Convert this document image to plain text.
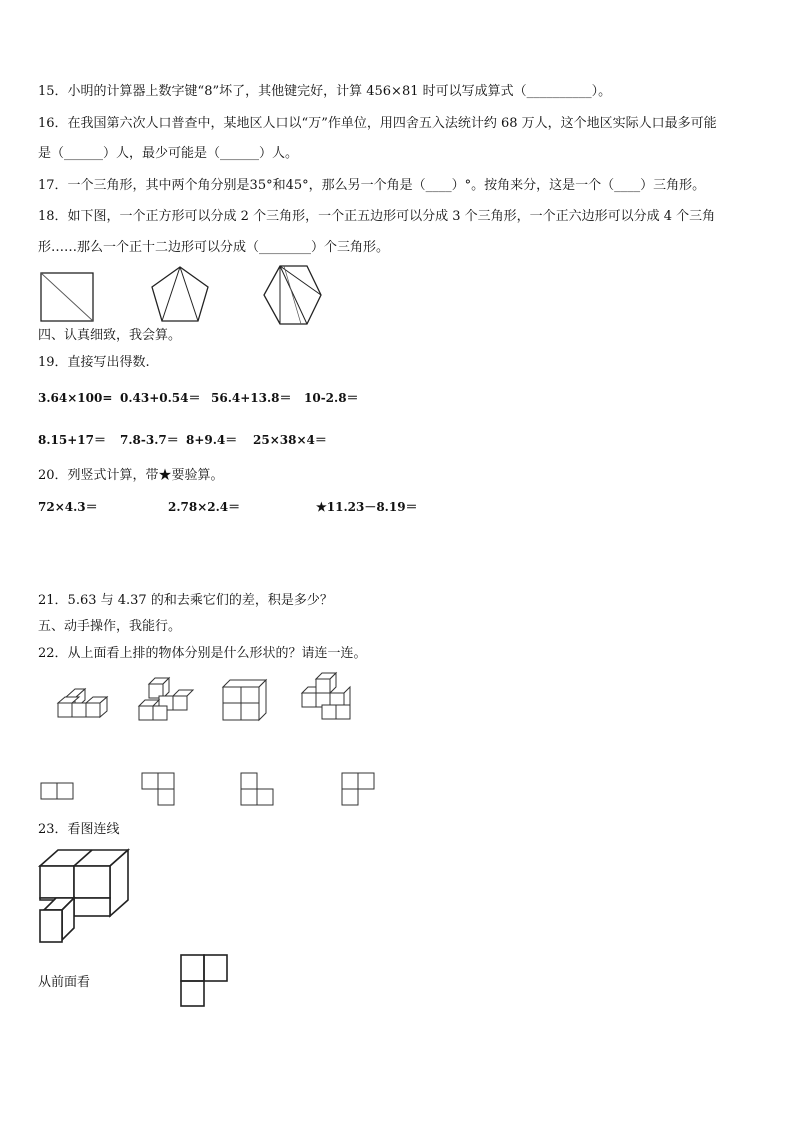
15．小明的计算器上数字键“8”坏了，其他键完好，计算 456×81 时可以写成算式（__________）。
16．在我国第六次人口普查中，某地区人口以“万”作单位，用四舍五入法统计约 68 万人，这个地区实际人口最多可能
是（______）人，最少可能是（______）人。
17．一个三角形，其中两个角分别是35°和45°，那么另一个角是（____）°。按角来分，这是一个（____）三角形。
18．如下图，一个正方形可以分成 2 个三角形，一个正五边形可以分成 3 个三角形，一个正六边形可以分成 4 个三角
形……那么一个正十二边形可以分成（________）个三角形。
四、认真细致，我会算。
19．直接写出得数.
3.64×100= 0.43+0.54＝ 56.4+13.8＝ 10-2.8＝
8.15+17＝ 7.8-3.7＝ 8+9.4＝ 25×38×4＝
20．列竖式计算，带★要验算。
72×4.3＝	2.78×2.4＝	★11.23－8.19＝
21．5.63 与 4.37 的和去乘它们的差，积是多少？
五、动手操作，我能行。
22．从上面看上排的物体分别是什么形状的？请连一连。
23．看图连线
从前面看
